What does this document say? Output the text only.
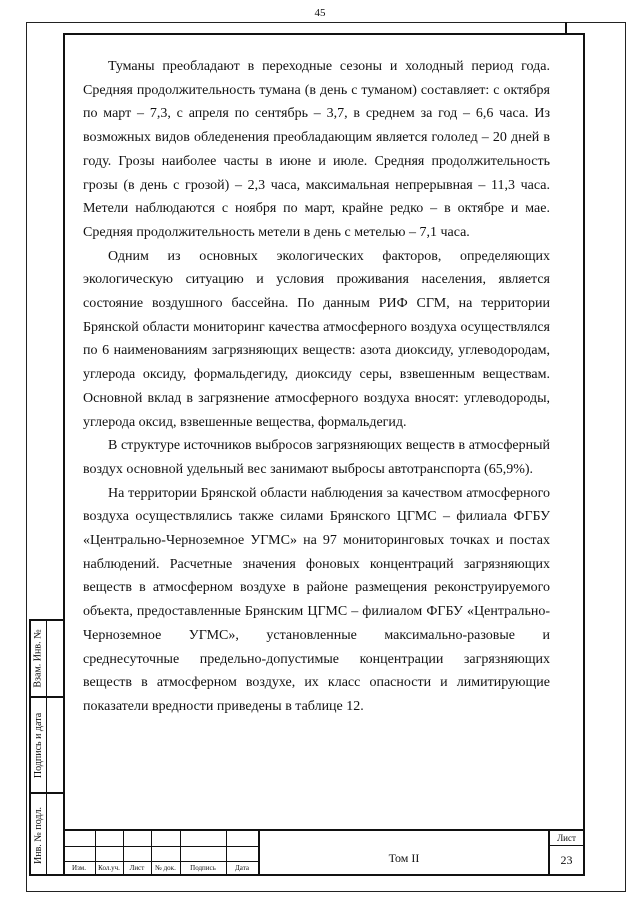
45

Туманы преобладают в переходные сезоны и холодный период года. Средняя продолжительность тумана (в день с туманом) составляет: с октября по март – 7,3, с апреля по сентябрь – 3,7, в среднем за год – 6,6 часа. Из возможных видов обледенения преобладающим является гололед – 20 дней в году. Грозы наиболее часты в июне и июле. Средняя продолжительность грозы (в день с грозой) – 2,3 часа, максимальная непрерывная – 11,3 часа. Метели наблюдаются с ноября по март, крайне редко – в октябре и мае. Средняя продолжительность метели в день с метелью – 7,1 часа.

Одним из основных экологических факторов, определяющих экологическую ситуацию и условия проживания населения, является состояние воздушного бассейна. По данным РИФ СГМ, на территории Брянской области мониторинг качества атмосферного воздуха осуществлялся по 6 наименованиям загрязняющих веществ: азота диоксиду, углеводородам, углерода оксиду, формальдегиду, диоксиду серы, взвешенным веществам. Основной вклад в загрязнение атмосферного воздуха вносят: углеводороды, углерода оксид, взвешенные вещества, формальдегид.

В структуре источников выбросов загрязняющих веществ в атмосферный воздух основной удельный вес занимают выбросы автотранспорта (65,9%).

На территории Брянской области наблюдения за качеством атмосферного воздуха осуществлялись также силами Брянского ЦГМС – филиала ФГБУ «Центрально-Черноземное УГМС» на 97 мониторинговых точках и постах наблюдений. Расчетные значения фоновых концентраций загрязняющих веществ в атмосферном воздухе в районе размещения реконструируемого объекта, предоставленные Брянским ЦГМС – филиалом ФГБУ «Центрально-Черноземное УГМС», установленные максимально-разовые и среднесуточные предельно-допустимые концентрации загрязняющих веществ в атмосферном воздухе, их класс опасности и лимитирующие показатели вредности приведены в таблице 12.

Взам. Инв. №
Подпись и дата
Инв. № подл.
Изм.	Кол.уч.	Лист	№ док.	Подпись	Дата
Том II
Лист
23
